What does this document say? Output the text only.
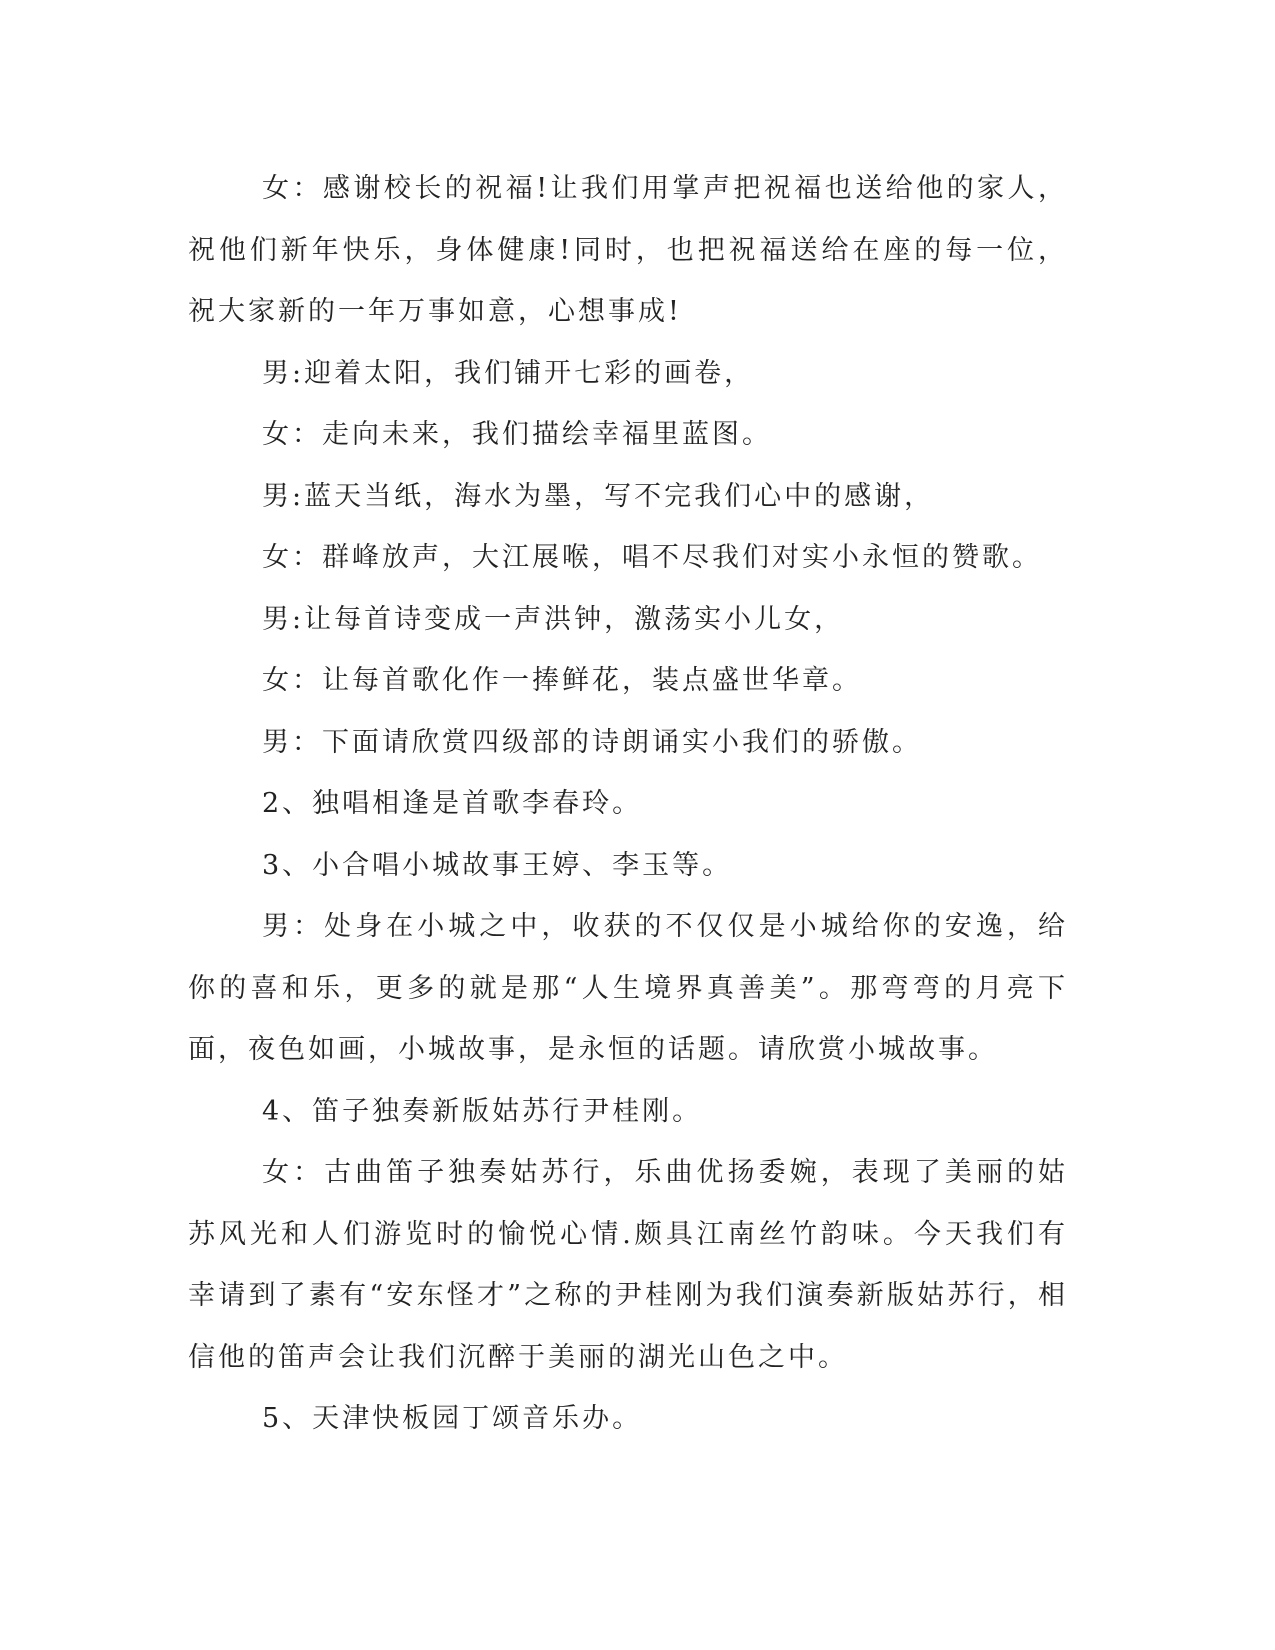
女：感谢校长的祝福!让我们用掌声把祝福也送给他的家人，祝他们新年快乐，身体健康!同时，也把祝福送给在座的每一位，祝大家新的一年万事如意，心想事成!

男:迎着太阳，我们铺开七彩的画卷，

女：走向未来，我们描绘幸福里蓝图。

男:蓝天当纸，海水为墨，写不完我们心中的感谢，

女：群峰放声，大江展喉，唱不尽我们对实小永恒的赞歌。

男:让每首诗变成一声洪钟，激荡实小儿女，

女：让每首歌化作一捧鲜花，装点盛世华章。

男：下面请欣赏四级部的诗朗诵实小我们的骄傲。

2、独唱相逢是首歌李春玲。

3、小合唱小城故事王婷、李玉等。

男：处身在小城之中，收获的不仅仅是小城给你的安逸，给你的喜和乐，更多的就是那“人生境界真善美”。那弯弯的月亮下面，夜色如画，小城故事，是永恒的话题。请欣赏小城故事。

4、笛子独奏新版姑苏行尹桂刚。

女：古曲笛子独奏姑苏行，乐曲优扬委婉，表现了美丽的姑苏风光和人们游览时的愉悦心情.颇具江南丝竹韵味。今天我们有幸请到了素有“安东怪才”之称的尹桂刚为我们演奏新版姑苏行，相信他的笛声会让我们沉醉于美丽的湖光山色之中。

5、天津快板园丁颂音乐办。
